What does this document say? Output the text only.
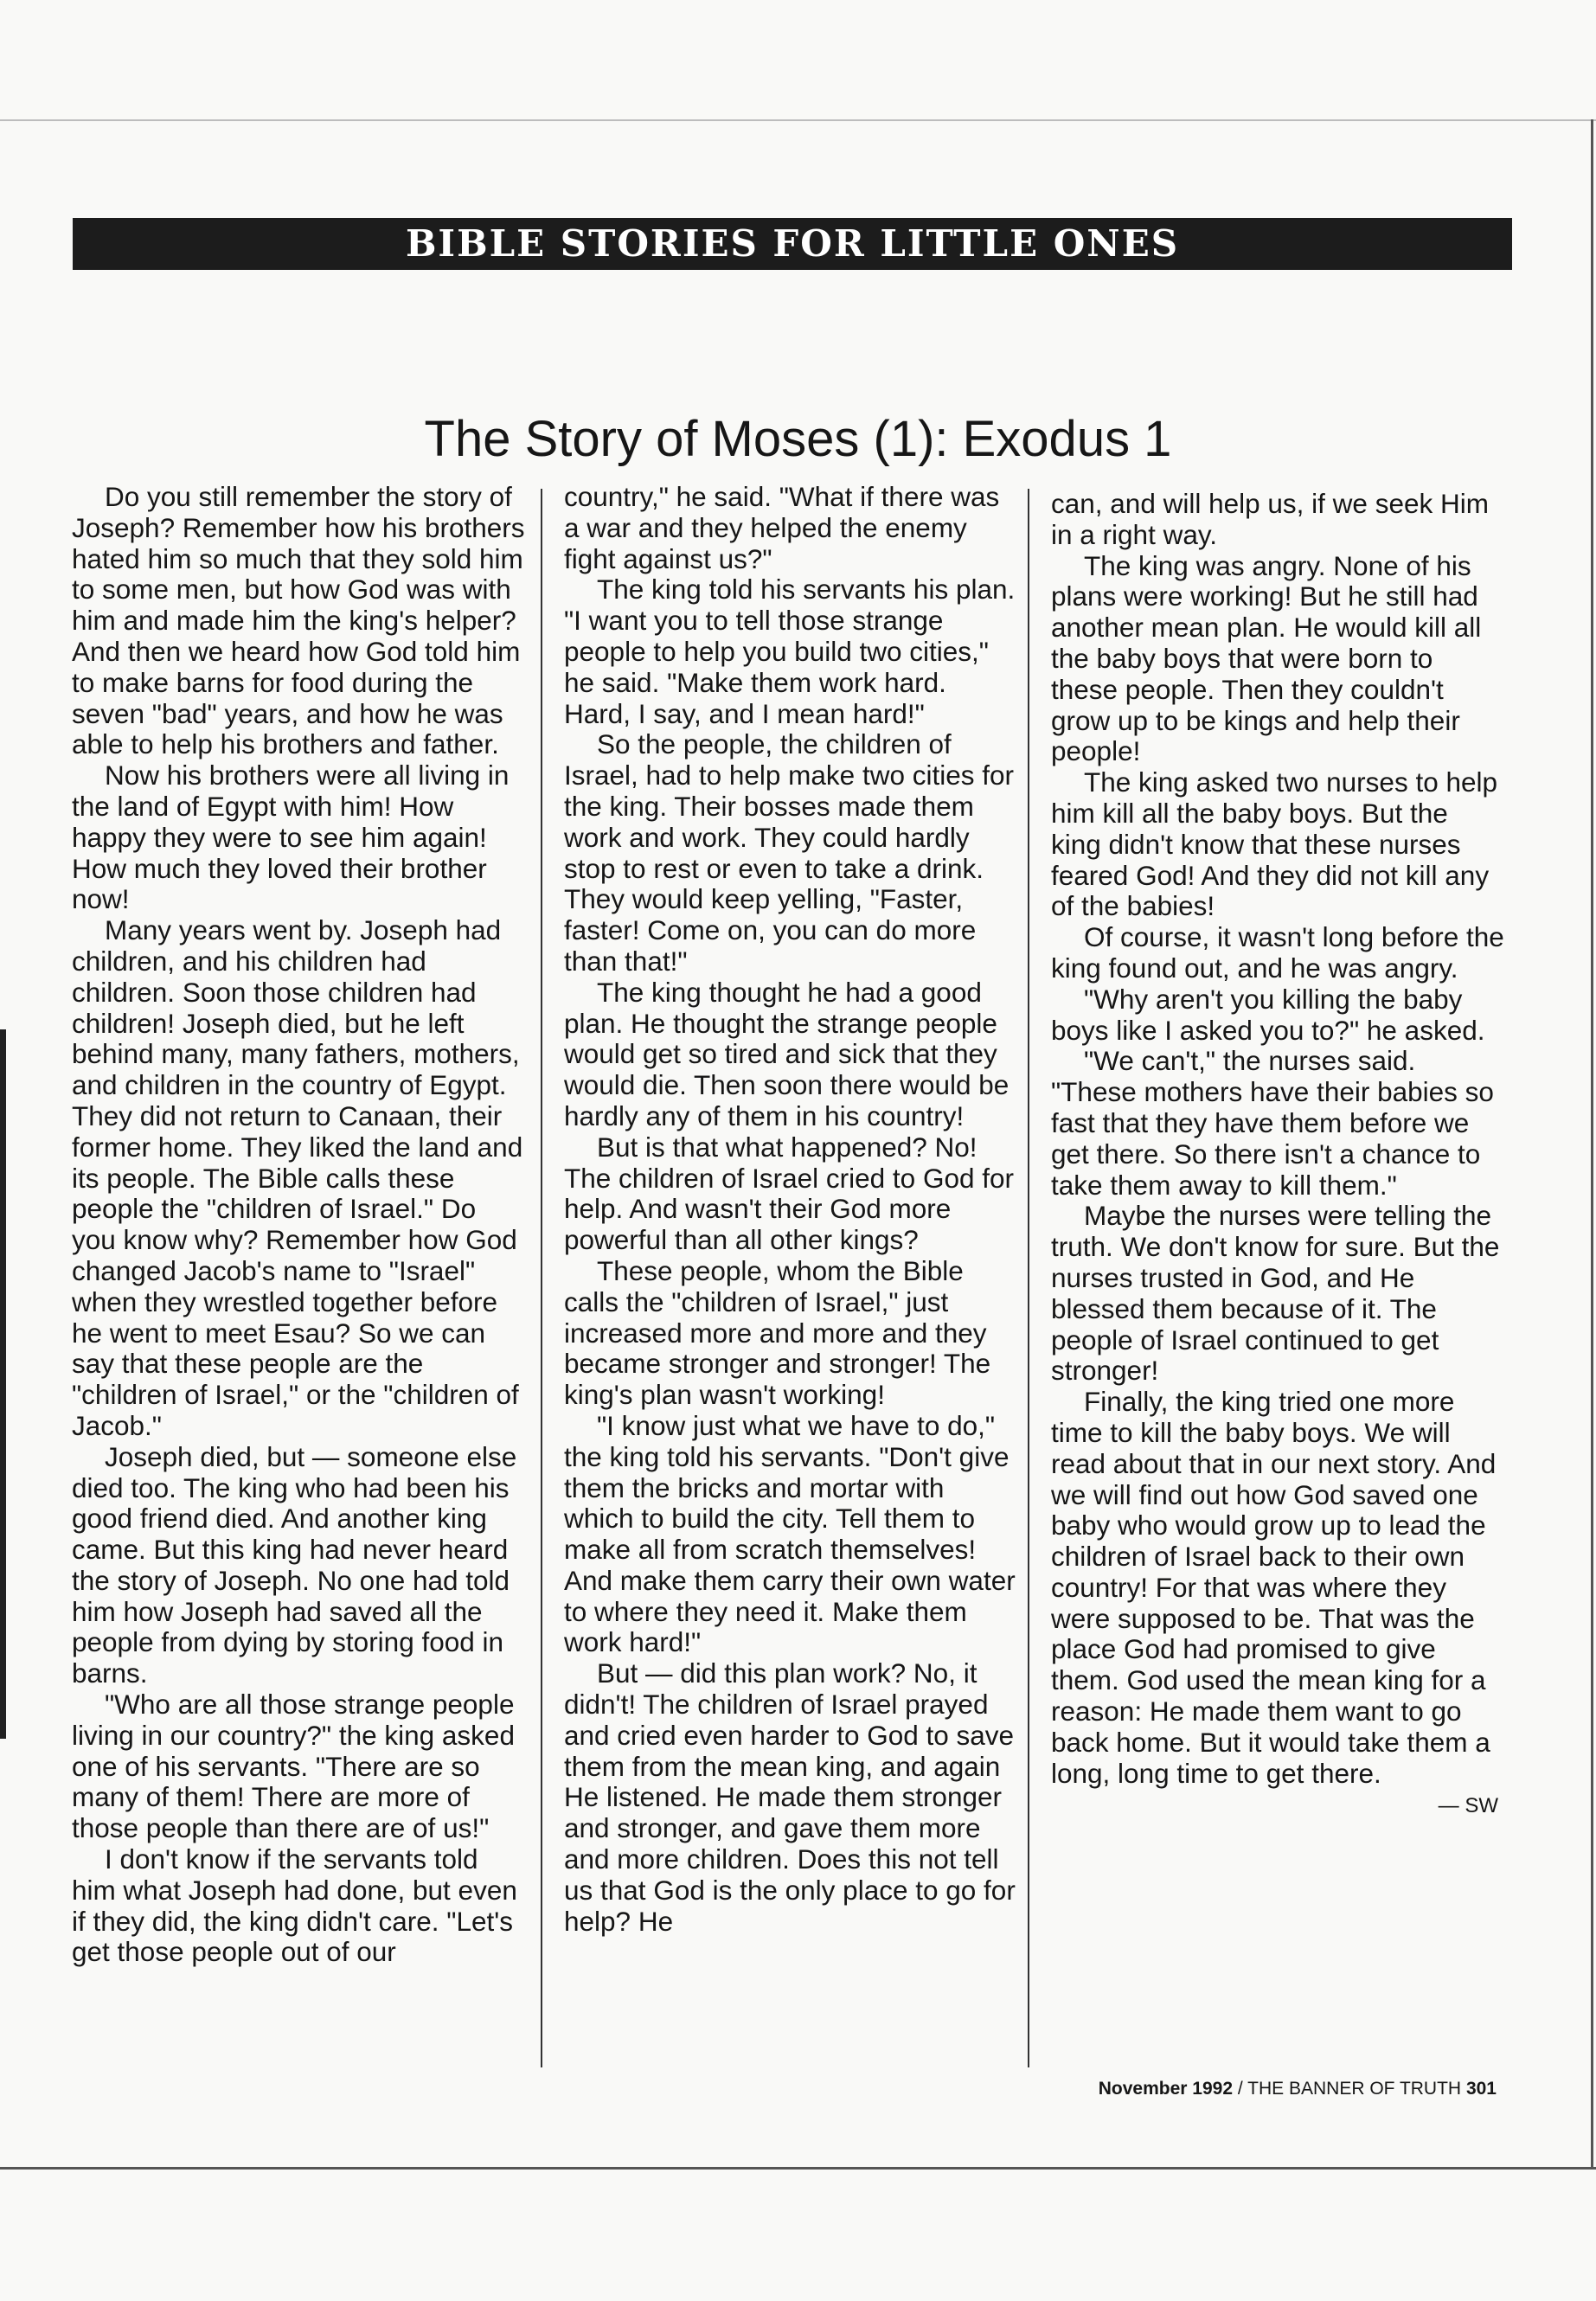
BIBLE STORIES FOR LITTLE ONES
The Story of Moses (1): Exodus 1

Do you still remember the story of Joseph? Remember how his brothers hated him so much that they sold him to some men, but how God was with him and made him the king's helper? And then we heard how God told him to make barns for food during the seven "bad" years, and how he was able to help his brothers and father.

Now his brothers were all living in the land of Egypt with him! How happy they were to see him again! How much they loved their brother now!

Many years went by. Joseph had children, and his children had children. Soon those children had children! Joseph died, but he left behind many, many fathers, mothers, and children in the country of Egypt. They did not return to Canaan, their former home. They liked the land and its people. The Bible calls these people the "children of Israel." Do you know why? Remember how God changed Jacob's name to "Israel" when they wrestled together before he went to meet Esau? So we can say that these people are the "children of Israel," or the "children of Jacob."

Joseph died, but — someone else died too. The king who had been his good friend died. And another king came. But this king had never heard the story of Joseph. No one had told him how Joseph had saved all the people from dying by storing food in barns.

"Who are all those strange people living in our country?" the king asked one of his servants. "There are so many of them! There are more of those people than there are of us!"

I don't know if the servants told him what Joseph had done, but even if they did, the king didn't care. "Let's get those people out of our

country," he said. "What if there was a war and they helped the enemy fight against us?"

The king told his servants his plan. "I want you to tell those strange people to help you build two cities," he said. "Make them work hard. Hard, I say, and I mean hard!"

So the people, the children of Israel, had to help make two cities for the king. Their bosses made them work and work. They could hardly stop to rest or even to take a drink. They would keep yelling, "Faster, faster! Come on, you can do more than that!"

The king thought he had a good plan. He thought the strange people would get so tired and sick that they would die. Then soon there would be hardly any of them in his country!

But is that what happened? No! The children of Israel cried to God for help. And wasn't their God more powerful than all other kings?

These people, whom the Bible calls the "children of Israel," just increased more and more and they became stronger and stronger! The king's plan wasn't working!

"I know just what we have to do," the king told his servants. "Don't give them the bricks and mortar with which to build the city. Tell them to make all from scratch themselves! And make them carry their own water to where they need it. Make them work hard!"

But — did this plan work? No, it didn't! The children of Israel prayed and cried even harder to God to save them from the mean king, and again He listened. He made them stronger and stronger, and gave them more and more children. Does this not tell us that God is the only place to go for help? He

can, and will help us, if we seek Him in a right way.

The king was angry. None of his plans were working! But he still had another mean plan. He would kill all the baby boys that were born to these people. Then they couldn't grow up to be kings and help their people!

The king asked two nurses to help him kill all the baby boys. But the king didn't know that these nurses feared God! And they did not kill any of the babies!

Of course, it wasn't long before the king found out, and he was angry.

"Why aren't you killing the baby boys like I asked you to?" he asked.

"We can't," the nurses said. "These mothers have their babies so fast that they have them before we get there. So there isn't a chance to take them away to kill them."

Maybe the nurses were telling the truth. We don't know for sure. But the nurses trusted in God, and He blessed them because of it. The people of Israel continued to get stronger!

Finally, the king tried one more time to kill the baby boys. We will read about that in our next story. And we will find out how God saved one baby who would grow up to lead the children of Israel back to their own country! For that was where they were supposed to be. That was the place God had promised to give them. God used the mean king for a reason: He made them want to go back home. But it would take them a long, long time to get there.

— SW
November 1992 / THE BANNER OF TRUTH 301
